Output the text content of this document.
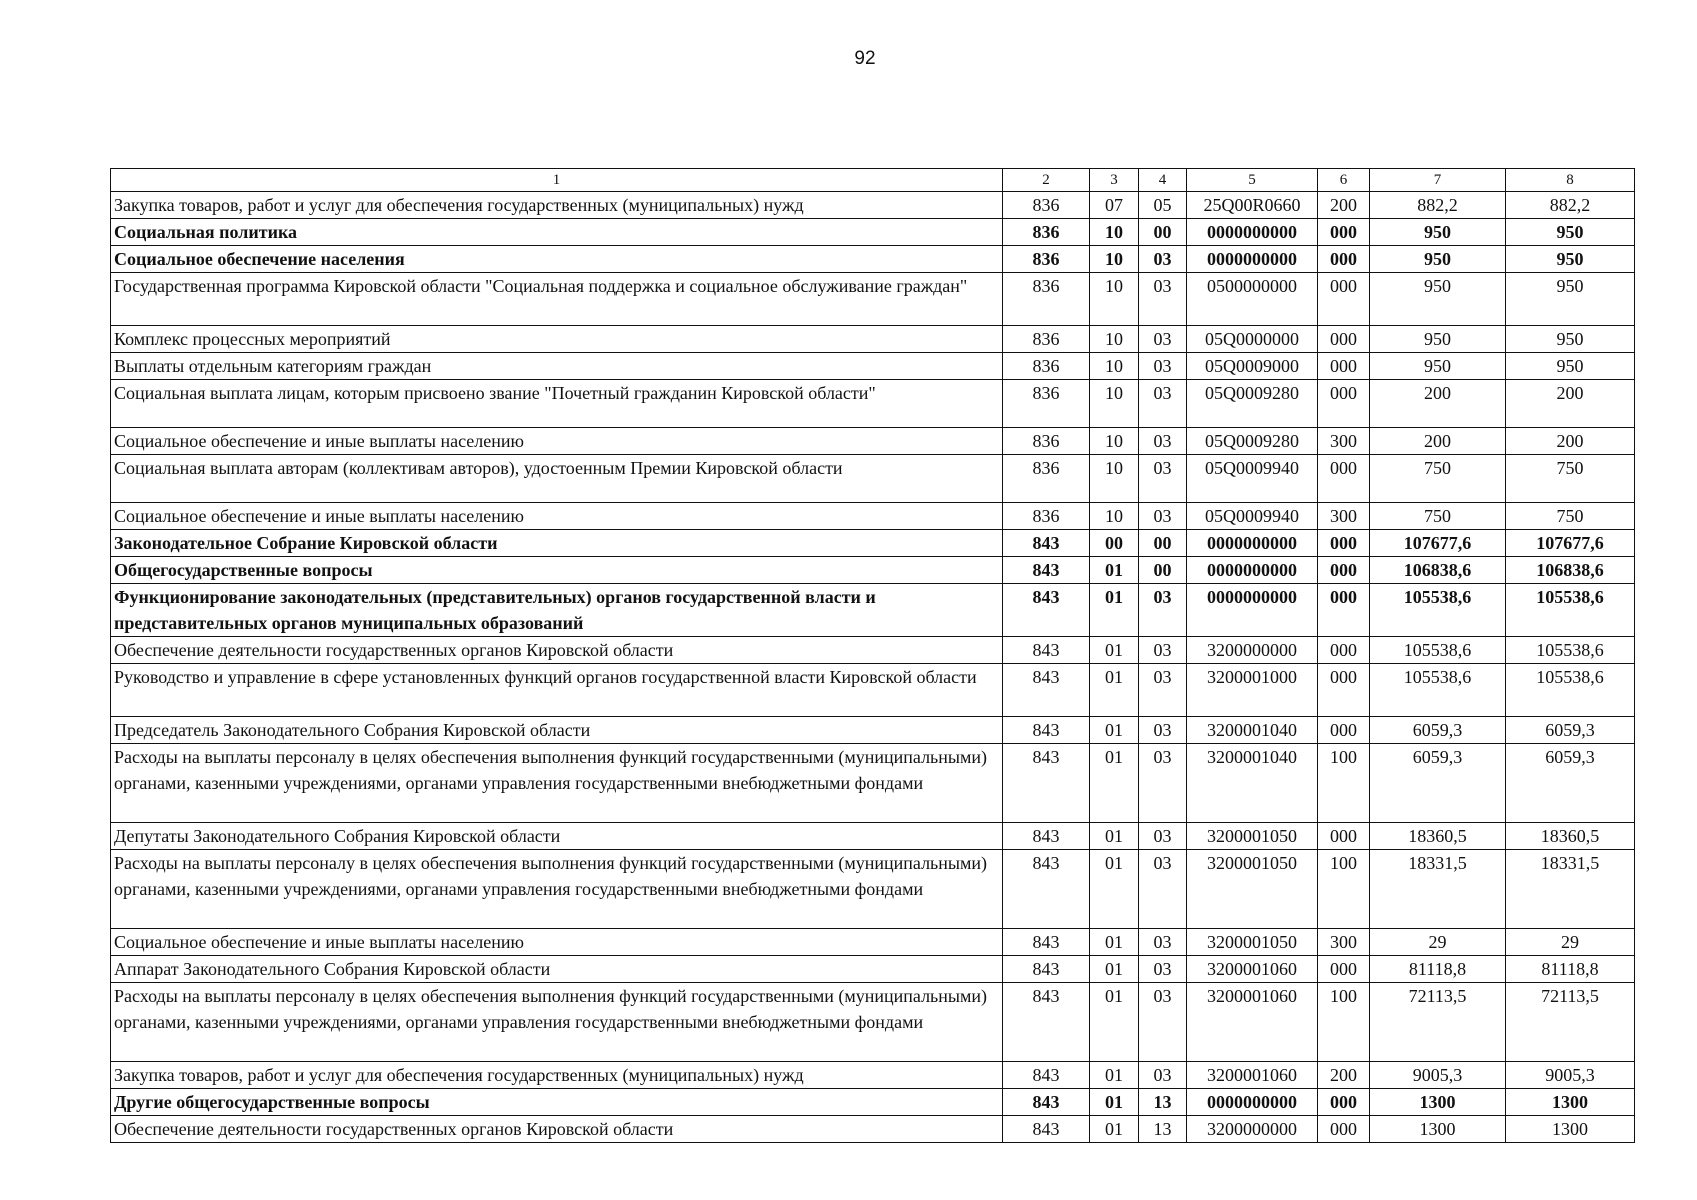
92
1	2	3	4	5	6	7	8
Закупка товаров, работ и услуг для обеспечения государственных (муниципальных) нужд	836	07	05	25Q00R0660	200	882,2	882,2
Социальная политика	836	10	00	0000000000	000	950	950
Социальное обеспечение населения	836	10	03	0000000000	000	950	950
Государственная программа Кировской области "Социальная поддержка и социальное обслуживание граждан"	836	10	03	0500000000	000	950	950
Комплекс процессных мероприятий	836	10	03	05Q0000000	000	950	950
Выплаты отдельным категориям граждан	836	10	03	05Q0009000	000	950	950
Социальная выплата лицам, которым присвоено звание "Почетный гражданин Кировской области"	836	10	03	05Q0009280	000	200	200
Социальное обеспечение и иные выплаты населению	836	10	03	05Q0009280	300	200	200
Социальная выплата авторам (коллективам авторов), удостоенным Премии Кировской области	836	10	03	05Q0009940	000	750	750
Социальное обеспечение и иные выплаты населению	836	10	03	05Q0009940	300	750	750
Законодательное Собрание Кировской области	843	00	00	0000000000	000	107677,6	107677,6
Общегосударственные вопросы	843	01	00	0000000000	000	106838,6	106838,6
Функционирование законодательных (представительных) органов государственной власти и представительных органов муниципальных образований	843	01	03	0000000000	000	105538,6	105538,6
Обеспечение деятельности государственных органов Кировской области	843	01	03	3200000000	000	105538,6	105538,6
Руководство и управление в сфере установленных функций органов государственной власти Кировской области	843	01	03	3200001000	000	105538,6	105538,6
Председатель Законодательного Собрания Кировской области	843	01	03	3200001040	000	6059,3	6059,3
Расходы на выплаты персоналу в целях обеспечения выполнения функций государственными (муниципальными) органами, казенными учреждениями, органами управления государственными внебюджетными фондами	843	01	03	3200001040	100	6059,3	6059,3
Депутаты Законодательного Собрания Кировской области	843	01	03	3200001050	000	18360,5	18360,5
Расходы на выплаты персоналу в целях обеспечения выполнения функций государственными (муниципальными) органами, казенными учреждениями, органами управления государственными внебюджетными фондами	843	01	03	3200001050	100	18331,5	18331,5
Социальное обеспечение и иные выплаты населению	843	01	03	3200001050	300	29	29
Аппарат Законодательного Собрания Кировской области	843	01	03	3200001060	000	81118,8	81118,8
Расходы на выплаты персоналу в целях обеспечения выполнения функций государственными (муниципальными) органами, казенными учреждениями, органами управления государственными внебюджетными фондами	843	01	03	3200001060	100	72113,5	72113,5
Закупка товаров, работ и услуг для обеспечения государственных (муниципальных) нужд	843	01	03	3200001060	200	9005,3	9005,3
Другие общегосударственные вопросы	843	01	13	0000000000	000	1300	1300
Обеспечение деятельности государственных органов Кировской области	843	01	13	3200000000	000	1300	1300
